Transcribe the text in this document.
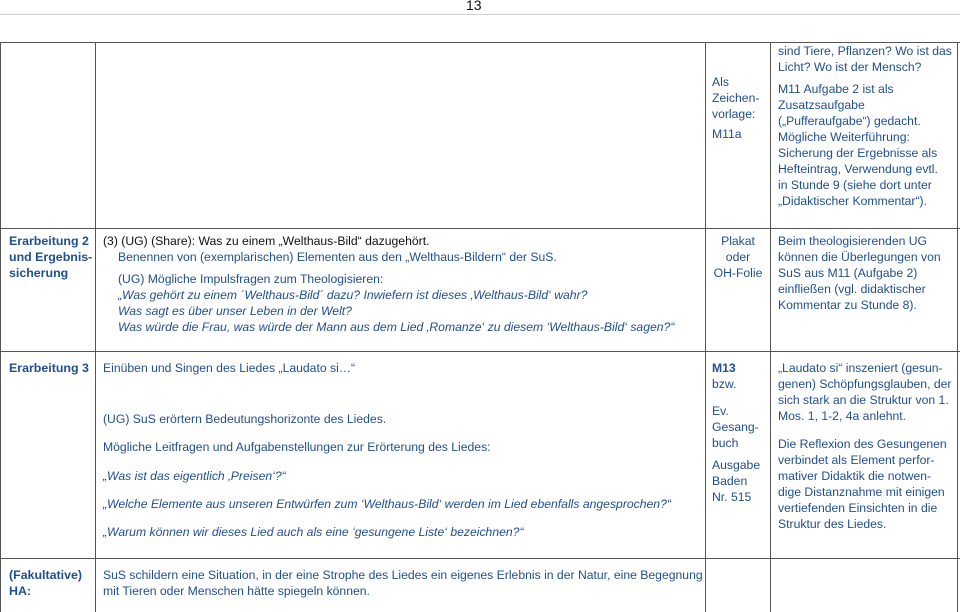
13

Als

Zeichen-

vorlage:

M11a

sind Tiere, Pflanzen? Wo ist das

Licht? Wo ist der Mensch?

M11 Aufgabe 2 ist als

Zusatzsaufgabe

(„Pufferaufgabe“) gedacht.

Mögliche Weiterführung:

Sicherung der Ergebnisse als

Hefteintrag, Verwendung evtl.

in Stunde 9 (siehe dort unter

„Didaktischer Kommentar“).

Erarbeitung 2

und Ergebnis-

sicherung

(3) (UG) (Share): Was zu einem „Welthaus-Bild“ dazugehört.

Benennen von (exemplarischen) Elementen aus den „Welthaus-Bildern“ der SuS.

(UG) Mögliche Impulsfragen zum Theologisieren:

„Was gehört zu einem ´Welthaus-Bild´ dazu? Inwiefern ist dieses ‚Welthaus-Bild‘ wahr?

Was sagt es über unser Leben in der Welt?

Was würde die Frau, was würde der Mann aus dem Lied ‚Romanze‘ zu diesem ‘Welthaus-Bild‘ sagen?“

Plakat

oder

OH-Folie

Beim theologisierenden UG

können die Überlegungen von

SuS aus M11 (Aufgabe 2)

einfließen (vgl. didaktischer

Kommentar zu Stunde 8).

Erarbeitung 3	Einüben und Singen des Liedes „Laudato si…“

(UG) SuS erörtern Bedeutungshorizonte des Liedes.

Mögliche Leitfragen und Aufgabenstellungen zur Erörterung des Liedes:

„Was ist das eigentlich ‚Preisen‘?“

„Welche Elemente aus unseren Entwürfen zum ‘Welthaus-Bild‘ werden im Lied ebenfalls angesprochen?“

„Warum können wir dieses Lied auch als eine ‘gesungene Liste‘ bezeichnen?“

M13

bzw.

Ev.

Gesang-

buch

Ausgabe

Baden

Nr. 515

„Laudato si“ inszeniert (gesun-

genen) Schöpfungsglauben, der

sich stark an die Struktur von 1.

Mos. 1, 1-2, 4a anlehnt.

Die Reflexion des Gesungenen

verbindet als Element perfor-

mativer Didaktik die notwen-

dige Distanznahme mit einigen

vertiefenden Einsichten in die

Struktur des Liedes.

(Fakultative)

HA:

SuS schildern eine Situation, in der eine Strophe des Liedes ein eigenes Erlebnis in der Natur, eine Begegnung

mit Tieren oder Menschen hätte spiegeln können.
